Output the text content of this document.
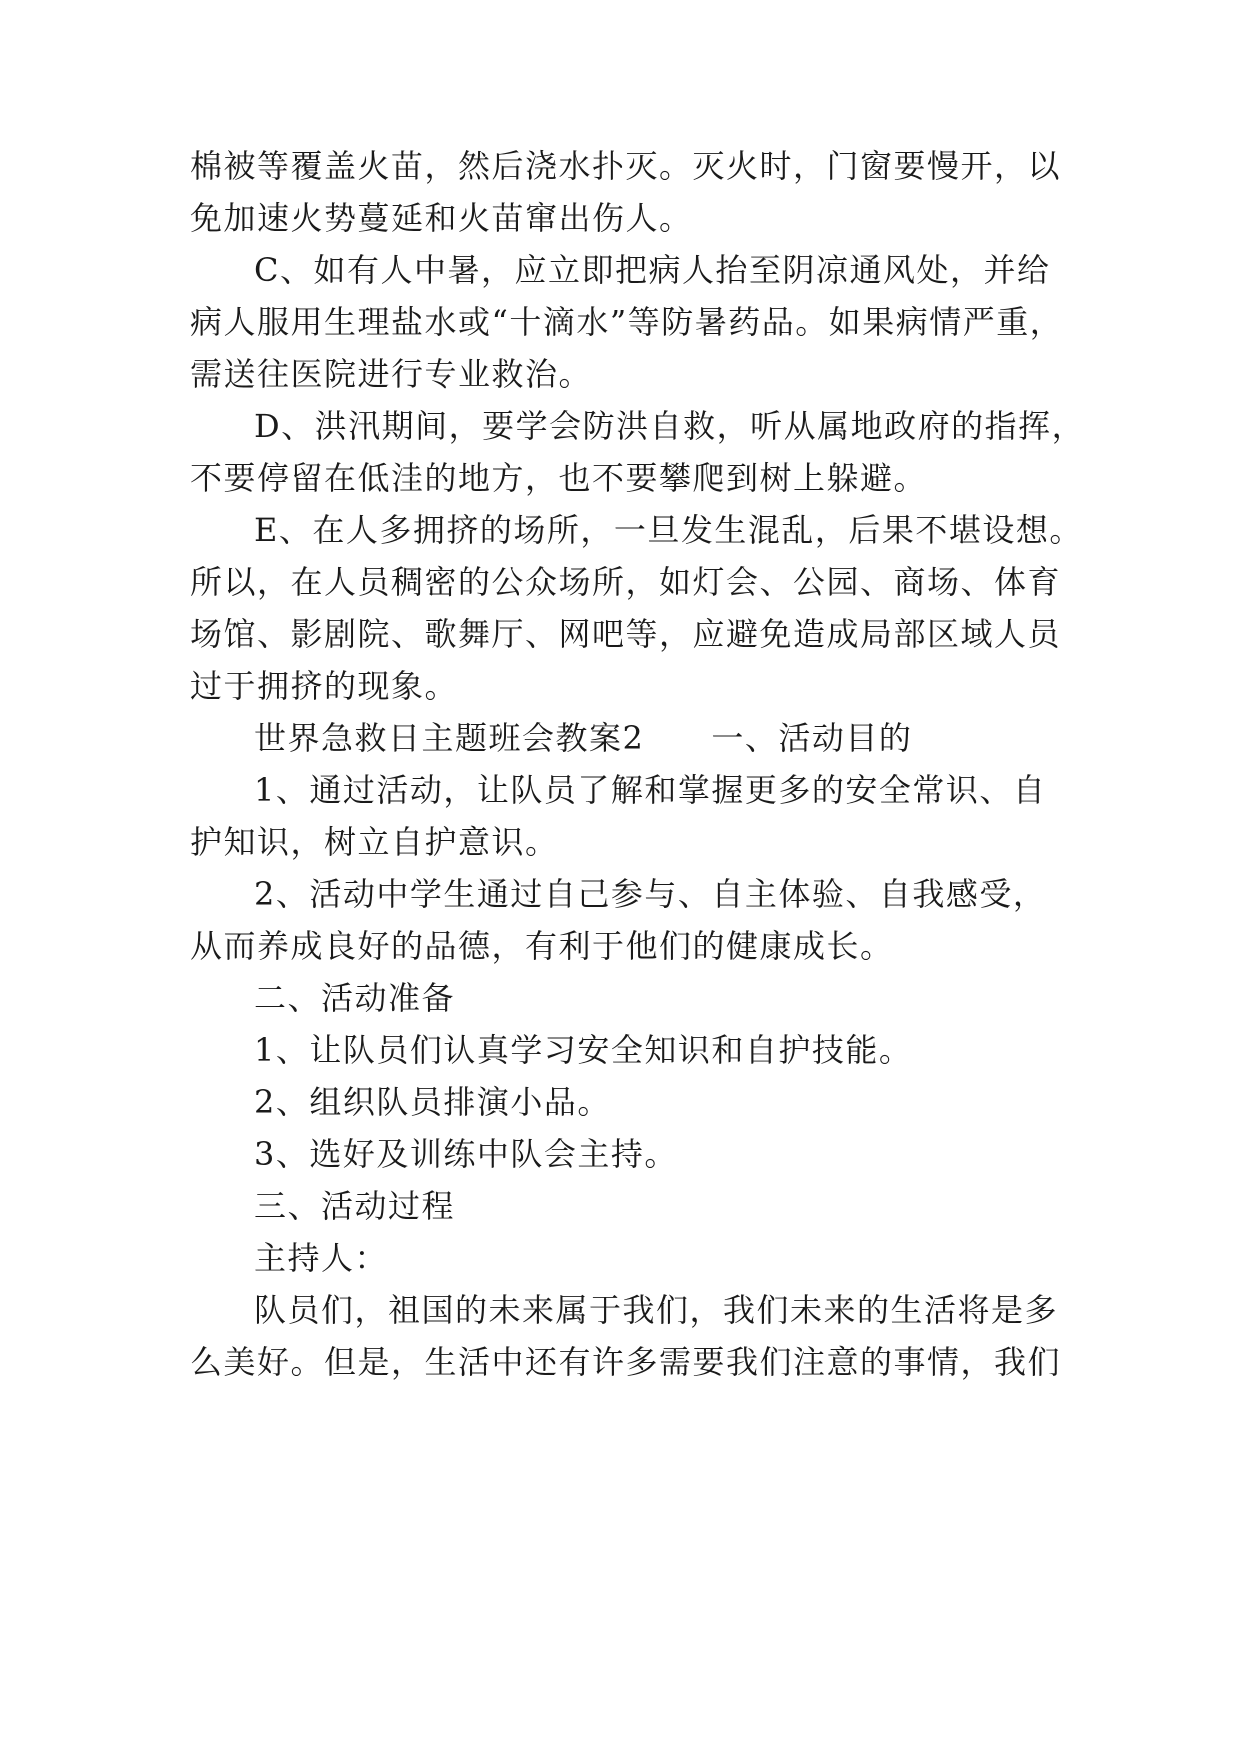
棉被等覆盖火苗，然后浇水扑灭。灭火时，门窗要慢开，以
免加速火势蔓延和火苗窜出伤人。
C、如有人中暑，应立即把病人抬至阴凉通风处，并给
病人服用生理盐水或“十滴水”等防暑药品。如果病情严重，
需送往医院进行专业救治。
D、洪汛期间，要学会防洪自救，听从属地政府的指挥，
不要停留在低洼的地方，也不要攀爬到树上躲避。
E、在人多拥挤的场所，一旦发生混乱，后果不堪设想。
所以，在人员稠密的公众场所，如灯会、公园、商场、体育
场馆、影剧院、歌舞厅、网吧等，应避免造成局部区域人员
过于拥挤的现象。
世界急救日主题班会教案2　　一、活动目的
1、通过活动，让队员了解和掌握更多的安全常识、自
护知识，树立自护意识。
2、活动中学生通过自己参与、自主体验、自我感受，
从而养成良好的品德，有利于他们的健康成长。
二、活动准备
1、让队员们认真学习安全知识和自护技能。
2、组织队员排演小品。
3、选好及训练中队会主持。
三、活动过程
主持人：
队员们，祖国的未来属于我们，我们未来的生活将是多
么美好。但是，生活中还有许多需要我们注意的事情，我们
